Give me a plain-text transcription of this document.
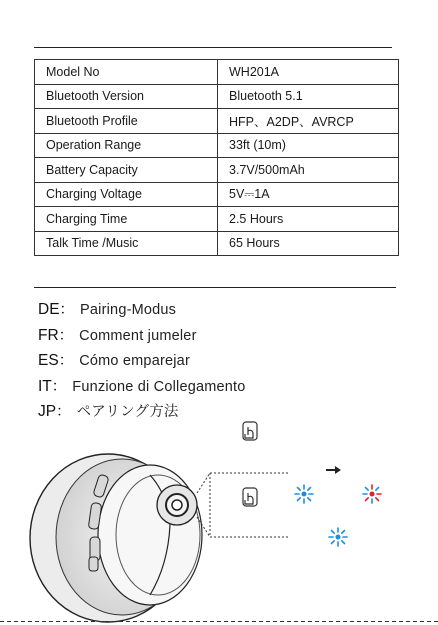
Model No	WH201A
Bluetooth Version	Bluetooth 5.1
Bluetooth Profile	HFP、A2DP、AVRCP
Operation Range	33ft (10m)
Battery Capacity	3.7V/500mAh
Charging Voltage	5V⎓1A
Charging Time	2.5 Hours
Talk Time /Music	65 Hours
DE： Pairing-Modus
FR： Comment jumeler
ES： Cómo emparejar
IT： Funzione di Collegamento
JP： ペアリング方法
